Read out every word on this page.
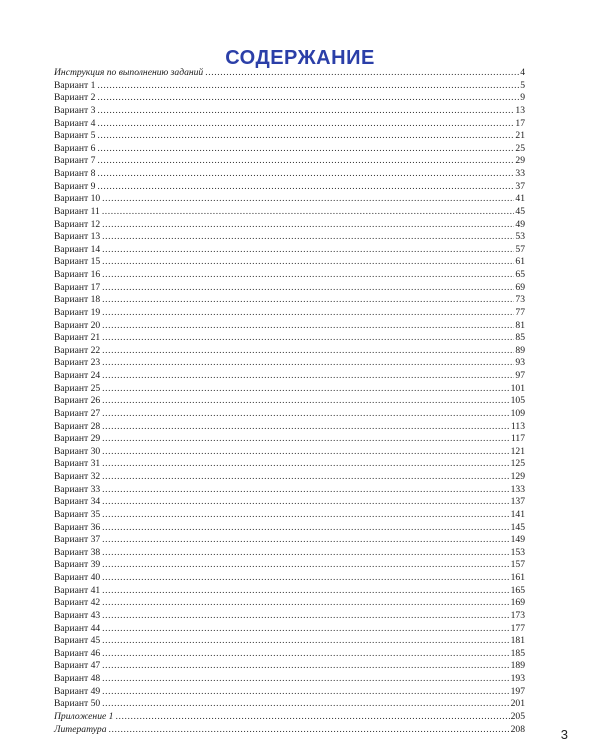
СОДЕРЖАНИЕ
Инструкция по выполнению заданий .....	4
Вариант 1 .....	5
Вариант 2 .....	9
Вариант 3 .....	13
Вариант 4 .....	17
Вариант 5 .....	21
Вариант 6 .....	25
Вариант 7 .....	29
Вариант 8 .....	33
Вариант 9 .....	37
Вариант 10 .....	41
Вариант 11 .....	45
Вариант 12 .....	49
Вариант 13 .....	53
Вариант 14 .....	57
Вариант 15 .....	61
Вариант 16 .....	65
Вариант 17 .....	69
Вариант 18 .....	73
Вариант 19 .....	77
Вариант 20 .....	81
Вариант 21 .....	85
Вариант 22 .....	89
Вариант 23 .....	93
Вариант 24 .....	97
Вариант 25 .....	101
Вариант 26 .....	105
Вариант 27 .....	109
Вариант 28 .....	113
Вариант 29 .....	117
Вариант 30 .....	121
Вариант 31 .....	125
Вариант 32 .....	129
Вариант 33 .....	133
Вариант 34 .....	137
Вариант 35 .....	141
Вариант 36 .....	145
Вариант 37 .....	149
Вариант 38 .....	153
Вариант 39 .....	157
Вариант 40 .....	161
Вариант 41 .....	165
Вариант 42 .....	169
Вариант 43 .....	173
Вариант 44 .....	177
Вариант 45 .....	181
Вариант 46 .....	185
Вариант 47 .....	189
Вариант 48 .....	193
Вариант 49 .....	197
Вариант 50 .....	201
Приложение 1 .....	205
Литература .....	208	3
